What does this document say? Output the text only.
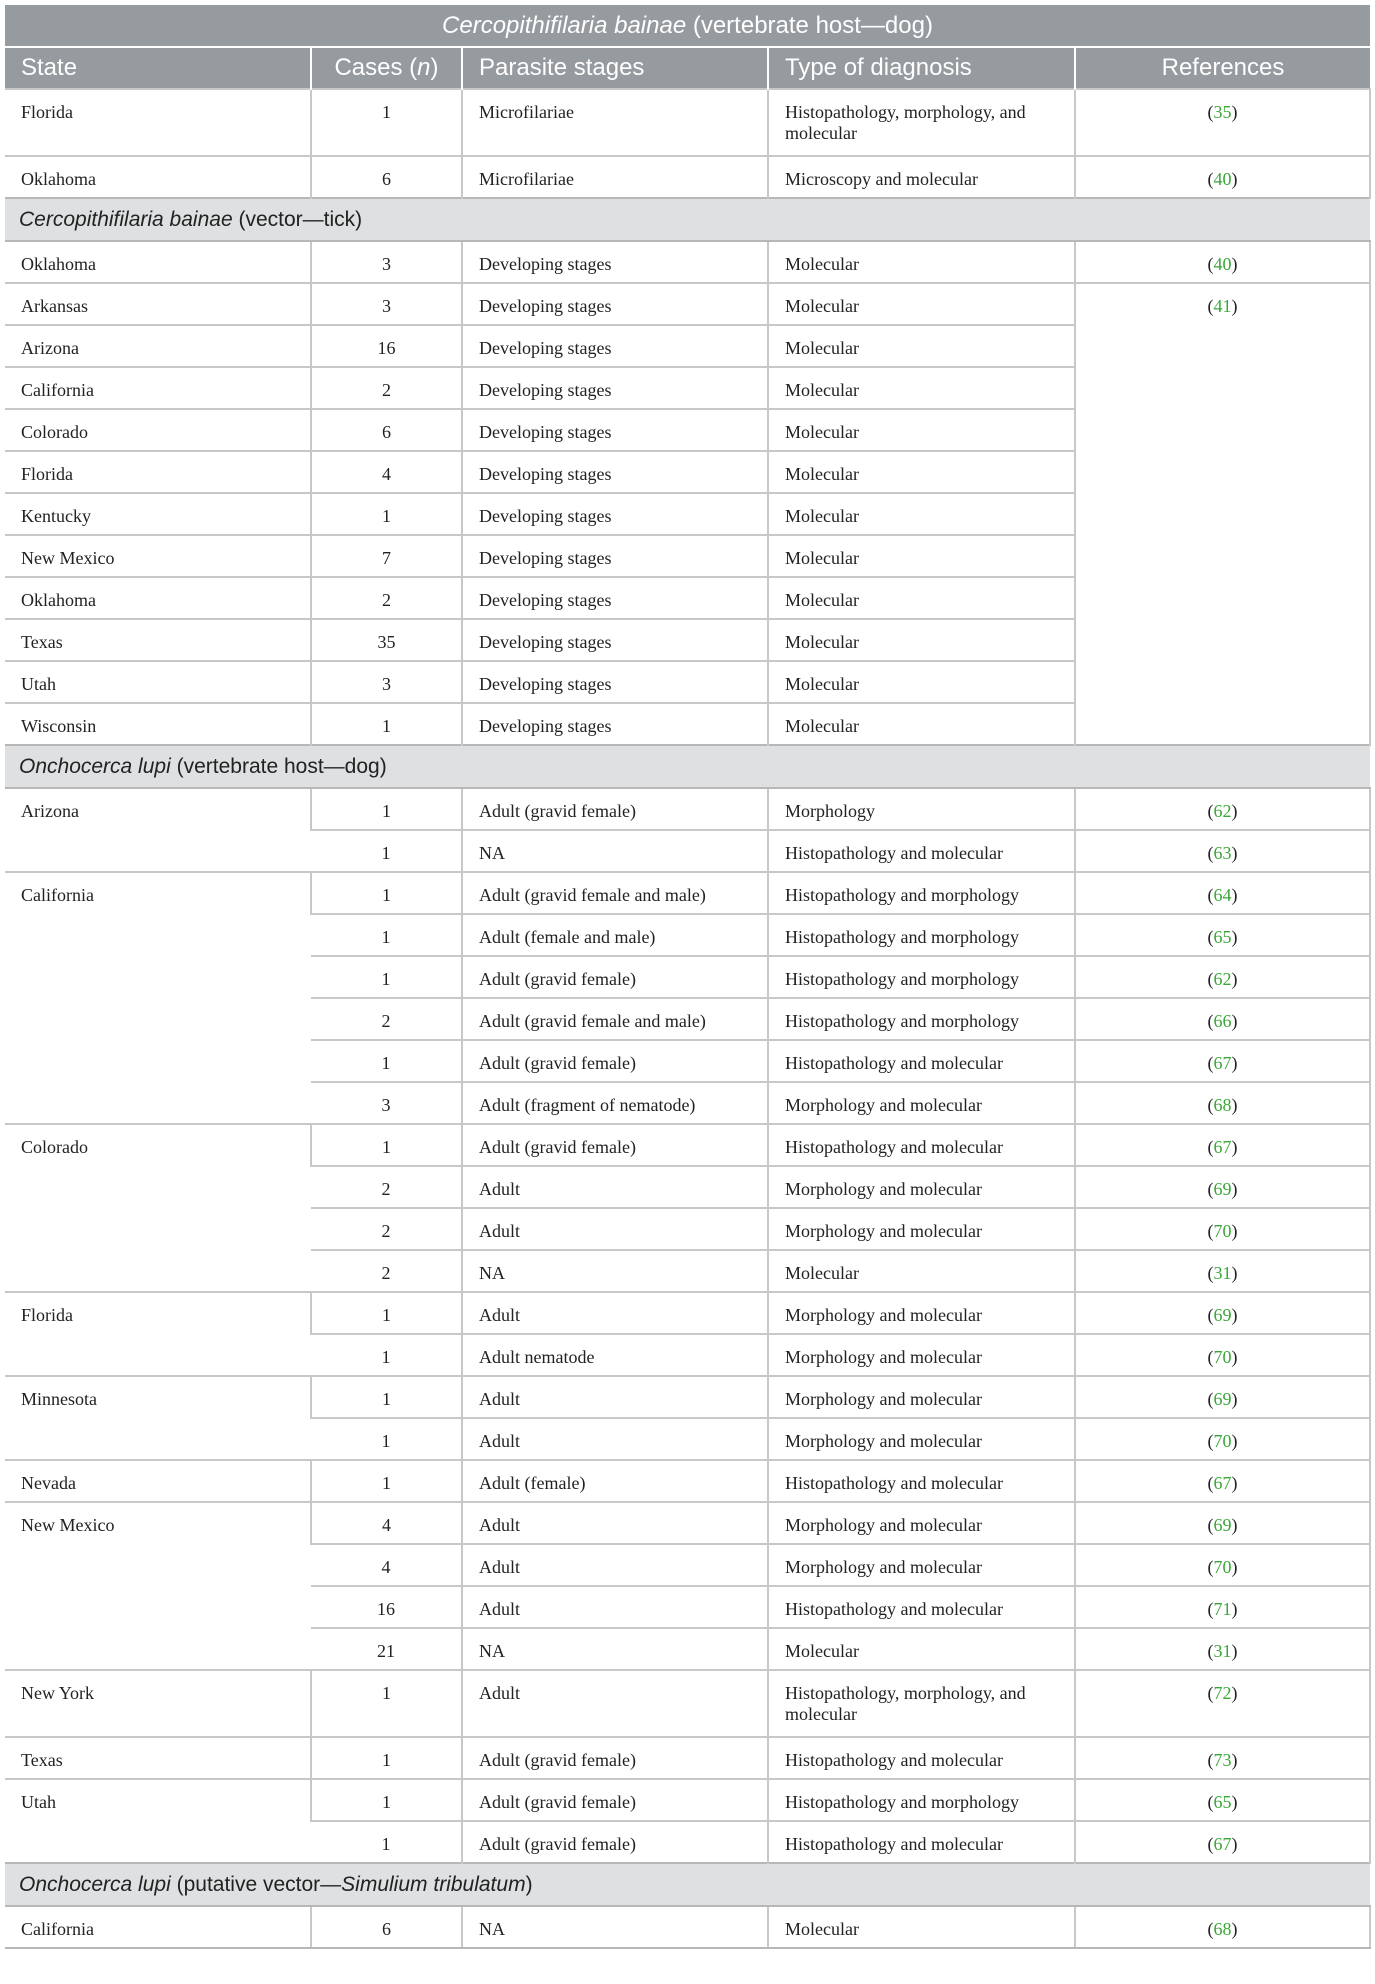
Cercopithifilaria bainae (vertebrate host—dog)				
State	Cases (n)	Parasite stages	Type of diagnosis	References
Florida	1	Microfilariae	Histopathology, morphology, and molecular	(35)
Oklahoma	6	Microfilariae	Microscopy and molecular	(40)
Cercopithifilaria bainae (vector—tick)				
Oklahoma	3	Developing stages	Molecular	(40)
Arkansas	3	Developing stages	Molecular	(41)
Arizona	16	Developing stages	Molecular	
California	2	Developing stages	Molecular	
Colorado	6	Developing stages	Molecular	
Florida	4	Developing stages	Molecular	
Kentucky	1	Developing stages	Molecular	
New Mexico	7	Developing stages	Molecular	
Oklahoma	2	Developing stages	Molecular	
Texas	35	Developing stages	Molecular	
Utah	3	Developing stages	Molecular	
Wisconsin	1	Developing stages	Molecular	
Onchocerca lupi (vertebrate host—dog)				
Arizona	1	Adult (gravid female)	Morphology	(62)
	1	NA	Histopathology and molecular	(63)
California	1	Adult (gravid female and male)	Histopathology and morphology	(64)
	1	Adult (female and male)	Histopathology and morphology	(65)
	1	Adult (gravid female)	Histopathology and morphology	(62)
	2	Adult (gravid female and male)	Histopathology and morphology	(66)
	1	Adult (gravid female)	Histopathology and molecular	(67)
	3	Adult (fragment of nematode)	Morphology and molecular	(68)
Colorado	1	Adult (gravid female)	Histopathology and molecular	(67)
	2	Adult	Morphology and molecular	(69)
	2	Adult	Morphology and molecular	(70)
	2	NA	Molecular	(31)
Florida	1	Adult	Morphology and molecular	(69)
	1	Adult nematode	Morphology and molecular	(70)
Minnesota	1	Adult	Morphology and molecular	(69)
	1	Adult	Morphology and molecular	(70)
Nevada	1	Adult (female)	Histopathology and molecular	(67)
New Mexico	4	Adult	Morphology and molecular	(69)
	4	Adult	Morphology and molecular	(70)
	16	Adult	Histopathology and molecular	(71)
	21	NA	Molecular	(31)
New York	1	Adult	Histopathology, morphology, and molecular	(72)
Texas	1	Adult (gravid female)	Histopathology and molecular	(73)
Utah	1	Adult (gravid female)	Histopathology and morphology	(65)
	1	Adult (gravid female)	Histopathology and molecular	(67)
Onchocerca lupi (putative vector—Simulium tribulatum)				
California	6	NA	Molecular	(68)
